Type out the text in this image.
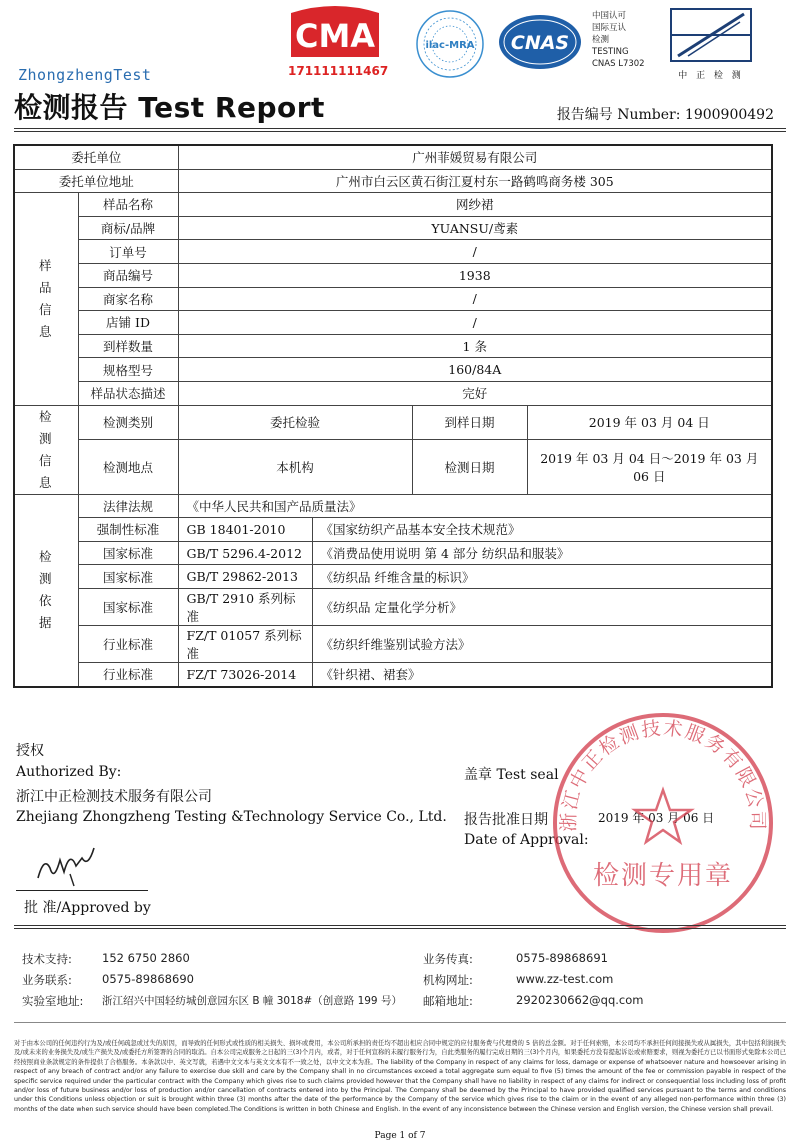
CMA
171111111467
ilac-MRA CNAS
中国认可
国际互认
检测
TESTING
CNAS L7302
中 正 检 测
ZhongzhengTest
检测报告 Test Report	报告编号 Number: 1900900492
委托单位		广州菲媛贸易有限公司			
委托单位地址		广州市白云区黄石街江夏村东一路鹤鸣商务楼 305			
样品信息	样品名称	网纱裙			
	商标/品牌	YUANSU/鸢素			
	订单号	/			
	商品编号	1938			
	商家名称	/			
	店铺 ID	/			
	到样数量	1 条			
	规格型号	160/84A			
	样品状态描述	完好			
检测信息	检测类别	委托检验		到样日期	2019 年 03 月 04 日
	检测地点	本机构		检测日期	2019 年 03 月 04 日～2019 年 03 月 06 日
检测依据	法律法规	《中华人民共和国产品质量法》			
	强制性标准	GB 18401-2010	《国家纺织产品基本安全技术规范》		
	国家标准	GB/T 5296.4-2012	《消费品使用说明 第 4 部分 纺织品和服装》		
	国家标准	GB/T 29862-2013	《纺织品 纤维含量的标识》		
	国家标准	GB/T 2910 系列标准	《纺织品 定量化学分析》		
	行业标准	FZ/T 01057 系列标准	《纺织纤维鉴别试验方法》		
	行业标准	FZ/T 73026-2014	《针织裙、裙套》		
授权
Authorized By:
浙江中正检测技术服务有限公司
Zhejiang Zhongzheng Testing &Technology Service Co., Ltd.
批 准/Approved by
盖章 Test seal
报告批准日期	2019 年 03 月 06 日
Date of Approval:
浙江中正检测技术服务有限公司
检测专用章
技术支持:	152 6750 2860	业务传真:	0575-89868691
业务联系:	0575-89868690	机构网址:	www.zz-test.com
实验室地址: 浙江绍兴中国轻纺城创意园东区 B 幢 3018#（创意路 199 号） 邮箱地址:	2920230662@qq.com
对于由本公司的任何违约行为及/或任何疏忽或过失的原因，而导致的任何形式或性质的相关损失、损坏或费用，本公司所承担的责任均不超出相应合同中规定的应付服务费与代理费的 5 倍的总金额。对于任何索赔，本公司均不承担任何间接损失或从属损失，其中包括利润损失及/或未来的业务损失及/或生产损失及/或委托方所签署的合同的取消。自本公司完成服务之日起的三(3)个月内，或者，对于任何宣称的未履行服务行为，自此类服务的履行完成日期的三(3)个月内，如果委托方没有提起诉讼或索赔要求，则视为委托方已以书面形式免除本公司已经按照商业条款规定的条件提供了合格服务。本条款以中、英文写就，若遇中文文本与英文文本有不一致之处，以中文文本为准。The liability of the Company in respect of any claims for loss, damage or expense of whatsoever nature and howsoever arising in respect of any breach of contract and/or any failure to exercise due skill and care by the Company shall in no circumstances exceed a total aggregate sum equal to five (5) times the amount of the fee or commission payable in respect of the specific service required under the particular contract with the Company which gives rise to such claims provided however that the Company shall have no liability in respect of any claims for indirect or consequential loss including loss of profit and/or loss of future business and/or loss of production and/or cancellation of contracts entered into by the Principal. The Company shall be deemed by the Principal to have provided qualified services pursuant to the terms and conditions under this Conditions unless objection or suit is brought within three (3) months after the date of the performance by the Company of the service which gives rise to the claim or in the event of any alleged non-performance within three (3) months of the date when such service should have been completed.The Conditions is written in both Chinese and English. In the event of any inconsistence between the Chinese version and English version, the Chinese version shall prevail.
Page 1 of 7
